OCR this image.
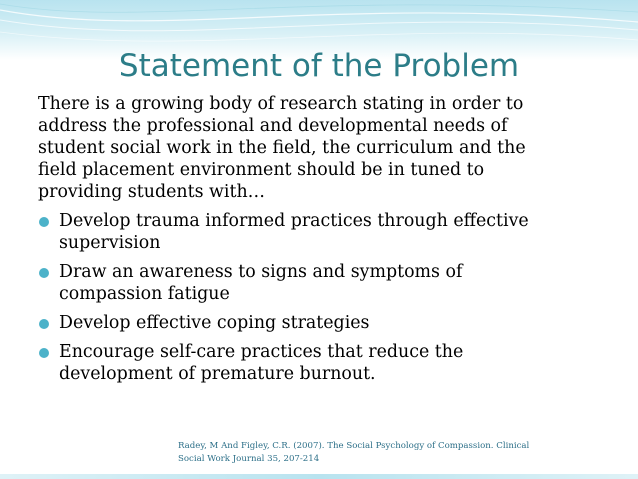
Statement of the Problem

There is a growing body of research stating in order to
address the professional and developmental needs of
student social work in the field, the curriculum and the
field placement environment should be in tuned to
providing students with…

Develop trauma informed practices through effective
supervision
Draw an awareness to signs and symptoms of
compassion fatigue
Develop effective coping strategies
Encourage self-care practices that reduce the
development of premature burnout.
Radey, M And Figley, C.R. (2007). The Social Psychology of Compassion. Clinical
Social Work Journal 35, 207-214
